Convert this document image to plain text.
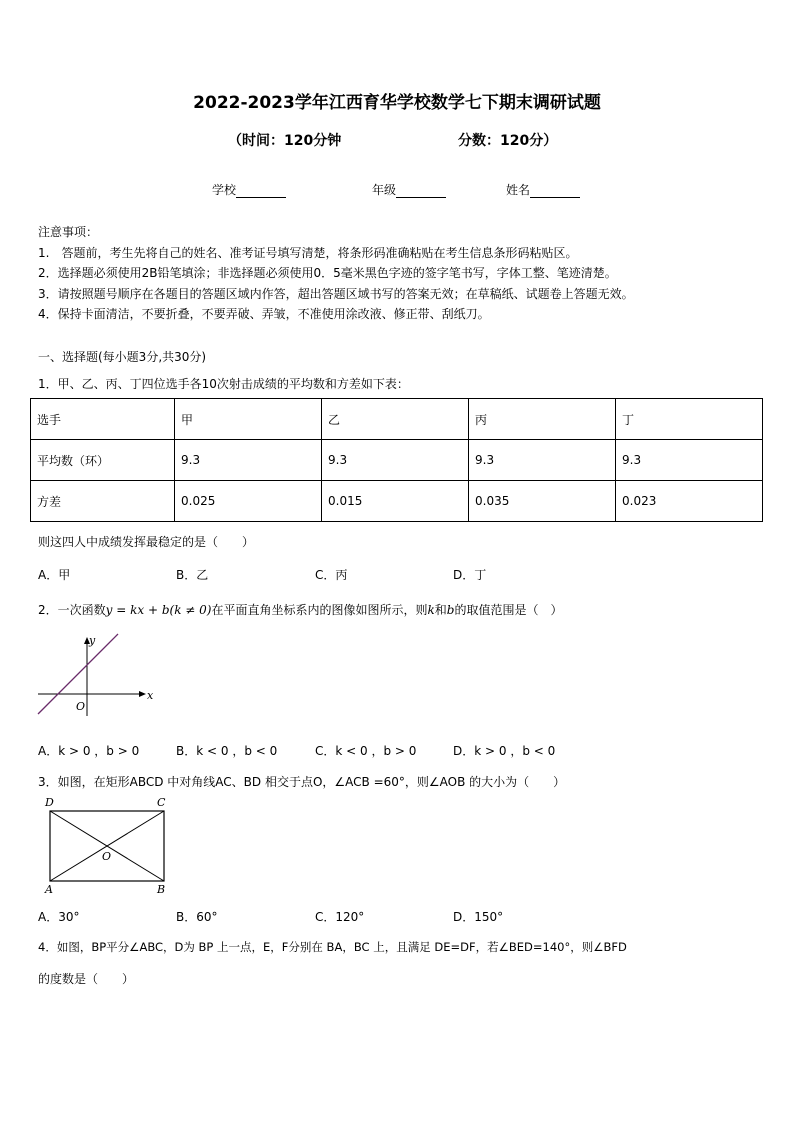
2022-2023学年江西育华学校数学七下期末调研试题
（时间：120分钟	分数：120分）
学校	年级	姓名
注意事项：
1.　答题前，考生先将自己的姓名、准考证号填写清楚，将条形码准确粘贴在考生信息条形码粘贴区。
2．选择题必须使用2B铅笔填涂；非选择题必须使用0．5毫米黑色字迹的签字笔书写，字体工整、笔迹清楚。
3．请按照题号顺序在各题目的答题区域内作答，超出答题区域书写的答案无效；在草稿纸、试题卷上答题无效。
4．保持卡面清洁，不要折叠，不要弄破、弄皱，不准使用涂改液、修正带、刮纸刀。
一、选择题(每小题3分,共30分)
1．甲、乙、丙、丁四位选手各10次射击成绩的平均数和方差如下表：
选手	甲	乙	丙	丁
平均数（环）	9.3	9.3	9.3	9.3
方差	0.025	0.015	0.035	0.023
则这四人中成绩发挥最稳定的是（　　）
A．甲	B．乙	C．丙	D．丁
2．一次函数y = kx + b(k ≠ 0)在平面直角坐标系内的图像如图所示，则k和b的取值范围是（　）
x
y
O
A．k > 0 ，b > 0	B．k < 0 ，b < 0	C．k < 0 ，b > 0	D．k > 0 ，b < 0
3．如图，在矩形ABCD 中对角线AC、BD 相交于点O，∠ACB =60°，则∠AOB 的大小为（　　）
D	C
A	B
O
A．30°	B．60°	C．120°	D．150°
4．如图，BP平分∠ABC，D为 BP 上一点，E，F分别在 BA，BC 上，且满足 DE=DF，若∠BED=140°，则∠BFD
的度数是（　　）
